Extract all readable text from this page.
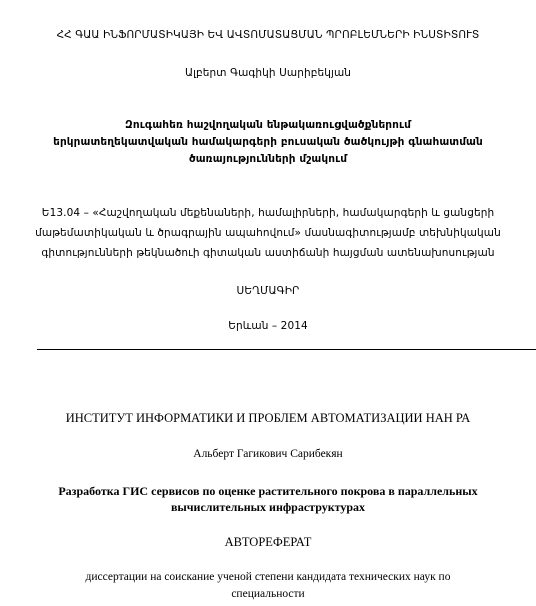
ՀՀ ԳԱԱ ԻՆՖՈՐՄԱՏԻԿԱՅԻ ԵՎ ԱՎՏՈՄԱՏԱՑՄԱՆ ՊՐՈԲԼԵՄՆԵՐԻ ԻՆՍՏԻՏՈՒՏ
Ալբերտ Գագիկի Սարիբեկյան
Զուգահեռ հաշվողական ենթակառուցվածքներում
երկրատեղեկատվական համակարգերի բուսական ծածկույթի գնահատման
ծառայությունների մշակում
Ե13.04 – «Հաշվողական մեքենաների, համալիրների, համակարգերի և ցանցերի
մաթեմատիկական և ծրագրային ապահովում» մասնագիտությամբ տեխնիկական
գիտությունների թեկնածուի գիտական աստիճանի հայցման ատենախոսության
ՍԵՂՄԱԳԻՐ
Երևան – 2014
ИНСТИТУТ ИНФОРМАТИКИ И ПРОБЛЕМ АВТОМАТИЗАЦИИ НАН РА
Альберт Гагикович Сарибекян
Разработка ГИС сервисов по оценке растительного покрова в параллельных
вычислительных инфраструктурах
АВТОРЕФЕРАТ
диссертации на соискание ученой степени кандидата технических наук по
специальности
